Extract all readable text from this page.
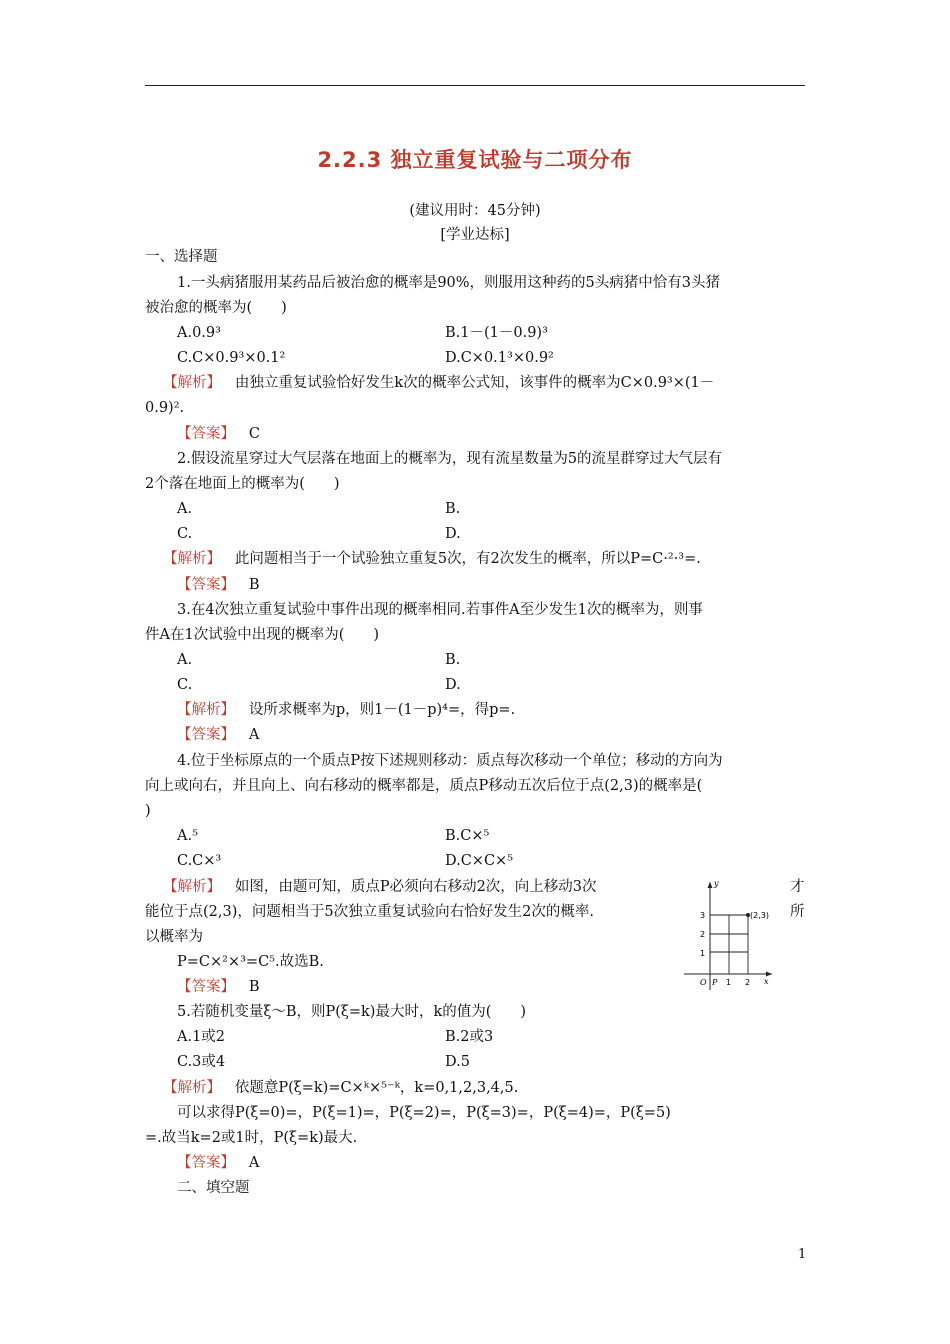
2.2.3 独立重复试验与二项分布
(建议用时：45分钟)
[学业达标]
一、选择题
1.一头病猪服用某药品后被治愈的概率是90%，则服用这种药的5头病猪中恰有3头猪
被治愈的概率为(　　)
A.0.9³	B.1－(1－0.9)³
C.C×0.9³×0.1²	D.C×0.1³×0.9²
【解析】 由独立重复试验恰好发生k次的概率公式知，该事件的概率为C×0.9³×(1－
0.9)².
【答案】 C
2.假设流星穿过大气层落在地面上的概率为，现有流星数量为5的流星群穿过大气层有
2个落在地面上的概率为(　　)
A.	B.
C.	D.
【解析】 此问题相当于一个试验独立重复5次，有2次发生的概率，所以P=C·²·³=.
【答案】 B
3.在4次独立重复试验中事件出现的概率相同.若事件A至少发生1次的概率为，则事
件A在1次试验中出现的概率为(　　)
A.	B.
C.	D.
【解析】 设所求概率为p，则1－(1－p)⁴=，得p=.
【答案】 A
4.位于坐标原点的一个质点P按下述规则移动：质点每次移动一个单位；移动的方向为
向上或向右，并且向上、向右移动的概率都是，质点P移动五次后位于点(2,3)的概率是(
)
A.⁵	B.C×⁵
C.C×³	D.C×C×⁵
【解析】 如图，由题可知，质点P必须向右移动2次，向上移动3次	才
能位于点(2,3)，问题相当于5次独立重复试验向右恰好发生2次的概率.	所
以概率为
P=C×²×³=C⁵.故选B.
【答案】 B
(2,3)
1
2
3
1 2
O P	x
y
5.若随机变量ξ～B，则P(ξ=k)最大时，k的值为(　　)
A.1或2	B.2或3
C.3或4	D.5
【解析】 依题意P(ξ=k)=C×ᵏ×⁵⁻ᵏ，k=0,1,2,3,4,5.
可以求得P(ξ=0)=，P(ξ=1)=，P(ξ=2)=，P(ξ=3)=，P(ξ=4)=，P(ξ=5)
=.故当k=2或1时，P(ξ=k)最大.
【答案】 A
二、填空题
1
